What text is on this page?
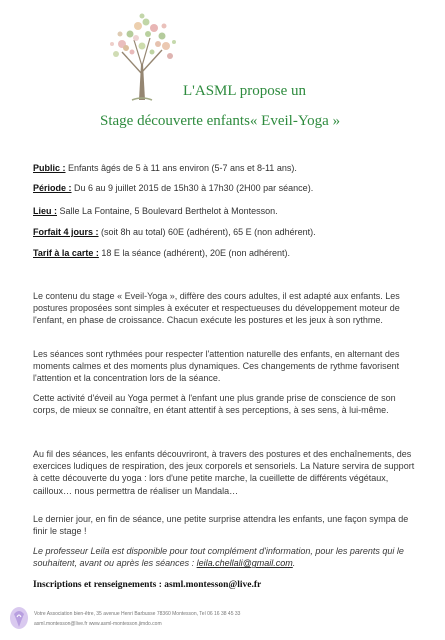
L'ASML propose un
Stage découverte enfants« Eveil-Yoga »
Public : Enfants âgés de 5 à 11 ans environ (5-7 ans et 8-11 ans).
Période : Du 6 au 9 juillet 2015 de 15h30 à 17h30 (2H00 par séance).
Lieu : Salle La Fontaine, 5 Boulevard Berthelot à Montesson.
Forfait 4 jours : (soit 8h au total) 60E (adhérent), 65 E (non adhérent).
Tarif à la carte : 18 E la séance (adhérent), 20E (non adhérent).
Le contenu du stage « Eveil-Yoga », diffère des cours adultes, il est adapté aux enfants. Les postures proposées sont simples à exécuter et respectueuses du développement moteur de l'enfant, en phase de croissance. Chacun exécute les postures et les jeux à son rythme.
Les séances sont rythmées pour respecter l'attention naturelle des enfants, en alternant des moments calmes et des moments plus dynamiques. Ces changements de rythme favorisent l'attention et la concentration lors de la séance.
Cette activité d'éveil au Yoga permet à l'enfant une plus grande prise de conscience de son corps, de mieux se connaître, en étant attentif à ses perceptions, à ses sens, à lui-même.
Au fil des séances, les enfants découvriront, à travers des postures et des enchaînements, des exercices ludiques de respiration, des jeux corporels et sensoriels. La Nature servira de support à cette découverte du yoga : lors d'une petite marche, la cueillette de différents végétaux, cailloux… nous permettra de réaliser un Mandala…
Le dernier jour, en fin de séance, une petite surprise attendra les enfants, une façon sympa de finir le stage !
Le professeur Leila est disponible pour tout complément d'information, pour les parents qui le souhaitent, avant ou après les séances : leila.chellali@gmail.com.
Inscriptions et renseignements : asml.montesson@live.fr
Votre Association bien-être, 35 avenue Henri Barbusse 78360 Montesson, Tel 06 16 38 45 33
asml.montesson@live.fr www.asml-montesson.jimdo.com
